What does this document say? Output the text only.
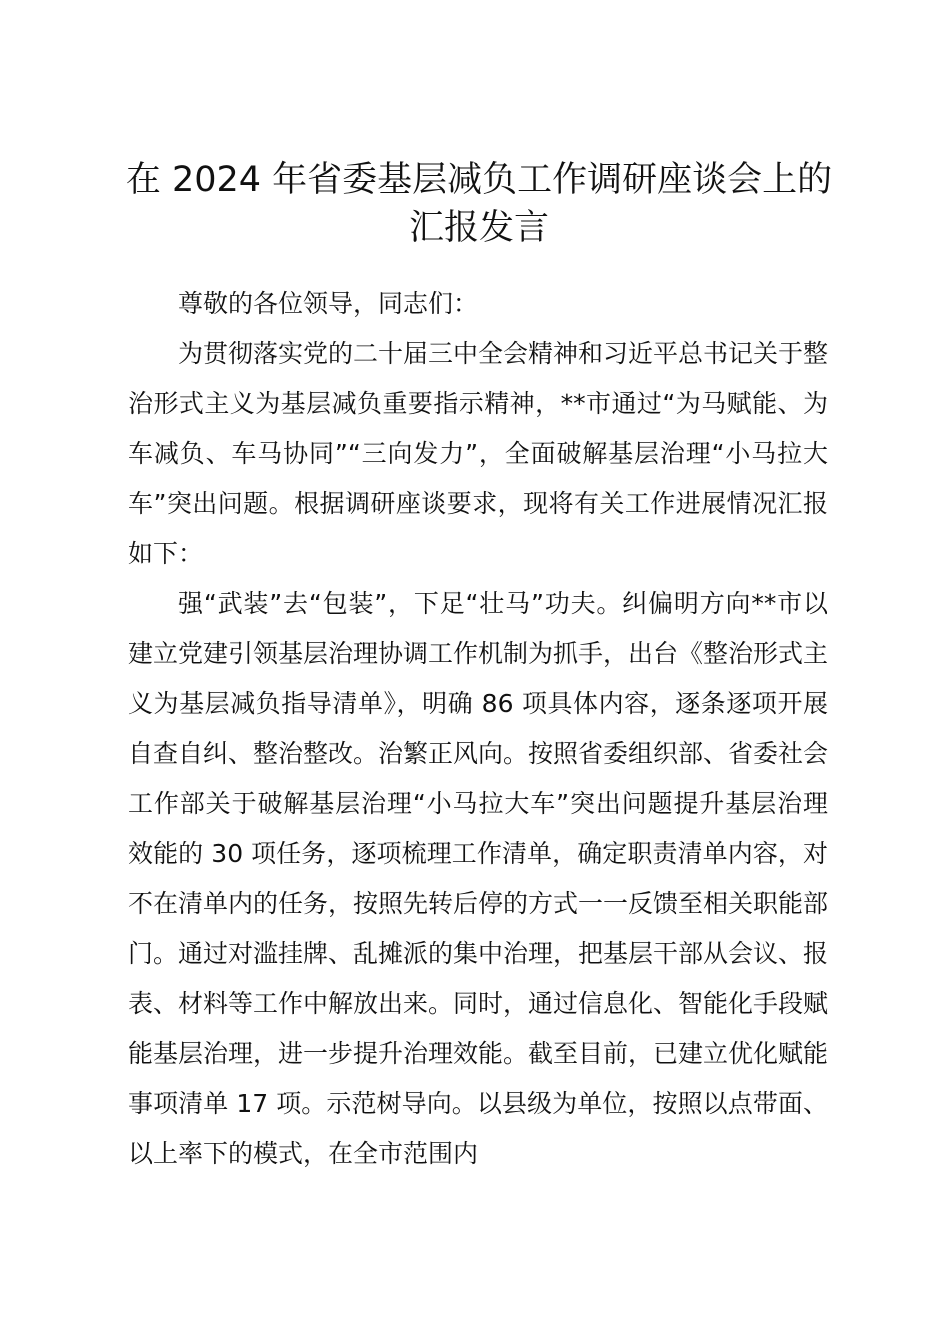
在 2024 年省委基层减负工作调研座谈会上的汇报发言

尊敬的各位领导，同志们：

为贯彻落实党的二十届三中全会精神和习近平总书记关于整治形式主义为基层减负重要指示精神，**市通过“为马赋能、为车减负、车马协同”“三向发力”，全面破解基层治理“小马拉大车”突出问题。根据调研座谈要求，现将有关工作进展情况汇报如下：

强“武装”去“包装”，下足“壮马”功夫。纠偏明方向**市以建立党建引领基层治理协调工作机制为抓手，出台《整治形式主义为基层减负指导清单》，明确 86 项具体内容，逐条逐项开展自查自纠、整治整改。治繁正风向。按照省委组织部、省委社会工作部关于破解基层治理“小马拉大车”突出问题提升基层治理效能的 30 项任务，逐项梳理工作清单，确定职责清单内容，对不在清单内的任务，按照先转后停的方式一一反馈至相关职能部门。通过对滥挂牌、乱摊派的集中治理，把基层干部从会议、报表、材料等工作中解放出来。同时，通过信息化、智能化手段赋能基层治理，进一步提升治理效能。截至目前，已建立优化赋能事项清单 17 项。示范树导向。以县级为单位，按照以点带面、以上率下的模式，在全市范围内
